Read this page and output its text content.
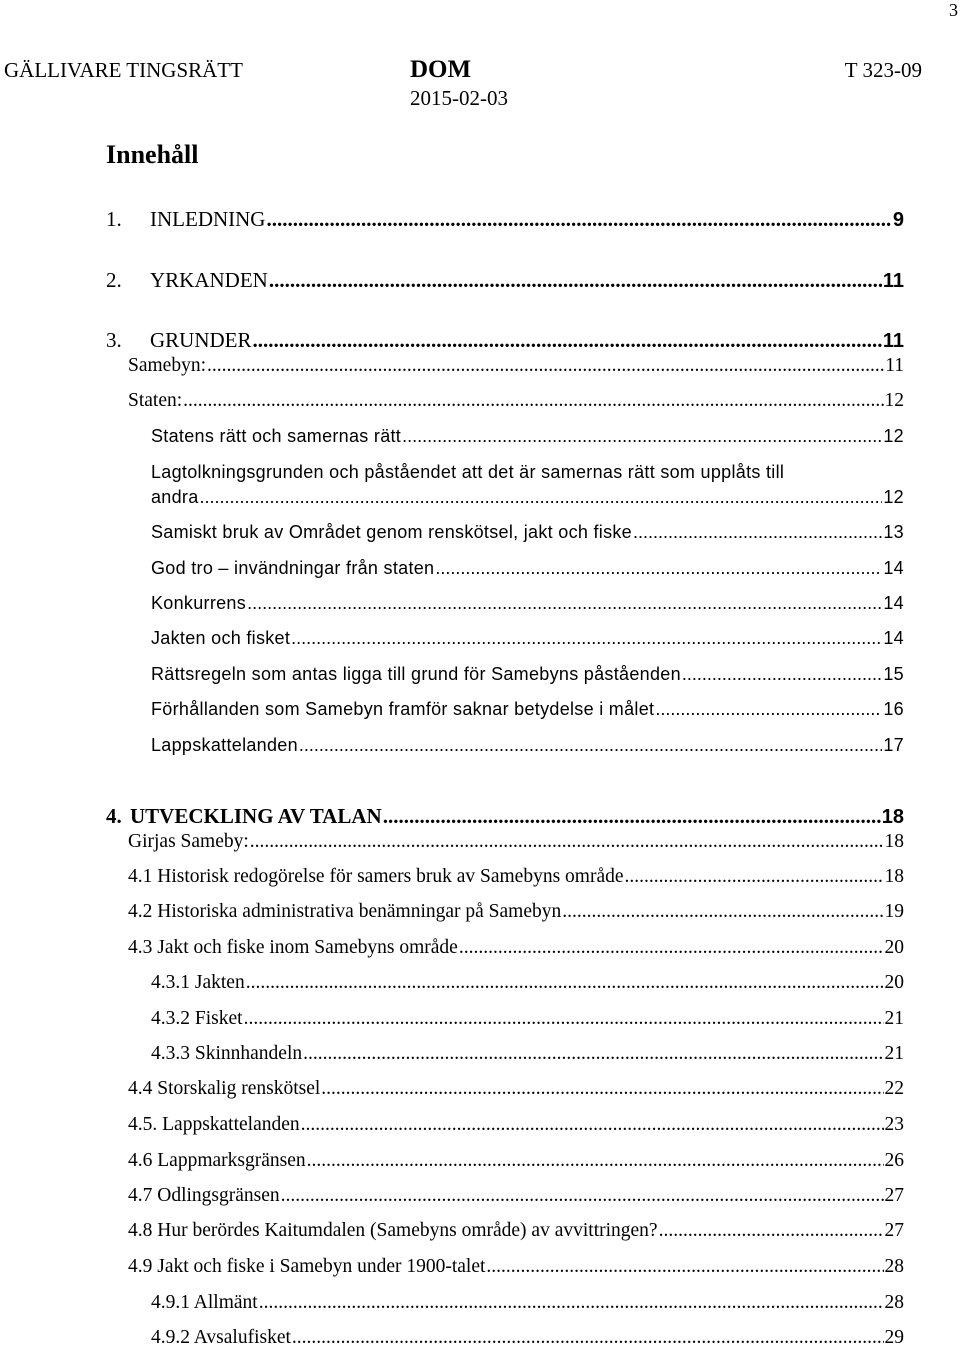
3
GÄLLIVARE TINGSRÄTT	DOM
2015-02-03
T 323-09
Innehåll
1. INLEDNING .....	9
2. YRKANDEN .....	11
3. GRUNDER .....	11
Samebyn: .....	11
Staten: .....	12
Statens rätt och samernas rätt .....	12
Lagtolkningsgrunden och påståendet att det är samernas rätt som upplåts till
andra .....	12
Samiskt bruk av Området genom renskötsel, jakt och fiske .....	13
God tro – invändningar från staten .....	14
Konkurrens .....	14
Jakten och fisket .....	14
Rättsregeln som antas ligga till grund för Samebyns påståenden .....	15
Förhållanden som Samebyn framför saknar betydelse i målet .....	16
Lappskattelanden .....	17
4. UTVECKLING AV TALAN .....	18
Girjas Sameby: .....	18
4.1 Historisk redogörelse för samers bruk av Samebyns område .....	18
4.2 Historiska administrativa benämningar på Samebyn .....	19
4.3 Jakt och fiske inom Samebyns område .....	20
4.3.1 Jakten .....	20
4.3.2 Fisket .....	21
4.3.3 Skinnhandeln .....	21
4.4 Storskalig renskötsel .....	22
4.5. Lappskattelanden .....	23
4.6 Lappmarksgränsen .....	26
4.7 Odlingsgränsen .....	27
4.8 Hur berördes Kaitumdalen (Samebyns område) av avvittringen? .....	27
4.9 Jakt och fiske i Samebyn under 1900-talet .....	28
4.9.1 Allmänt .....	28
4.9.2 Avsalufisket .....	29
